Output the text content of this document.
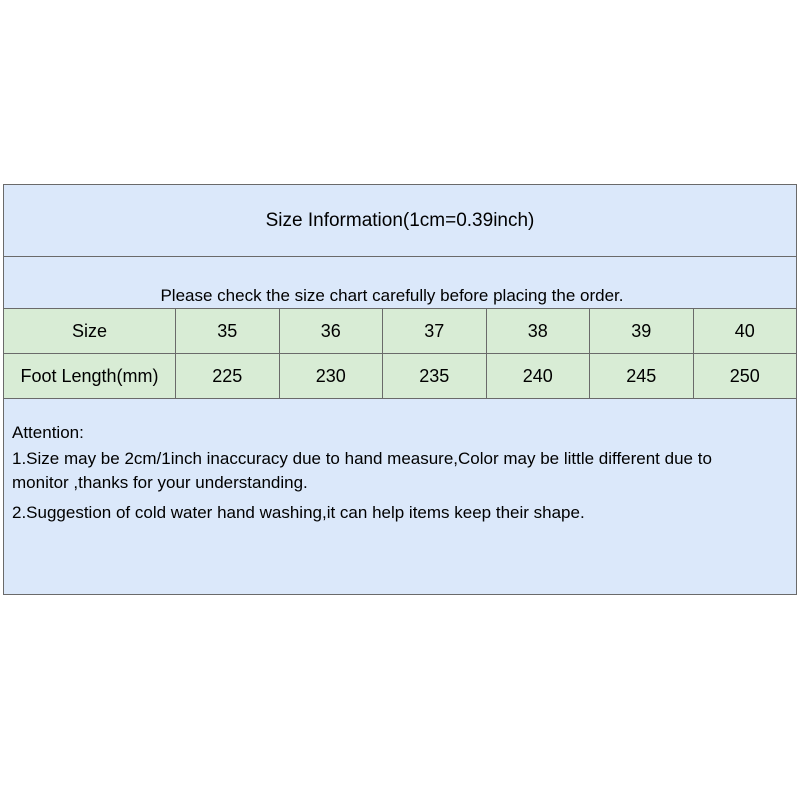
Size Information(1cm=0.39inch)
Please check the size chart carefully before placing the order.
Size	35	36	37	38	39	40
Foot Length(mm)	225	230	235	240	245	250
Attention:
1.Size may be 2cm/1inch inaccuracy due to hand measure,Color may be little different due to
monitor ,thanks for your understanding.
2.Suggestion of cold water hand washing,it can help items keep their shape.
